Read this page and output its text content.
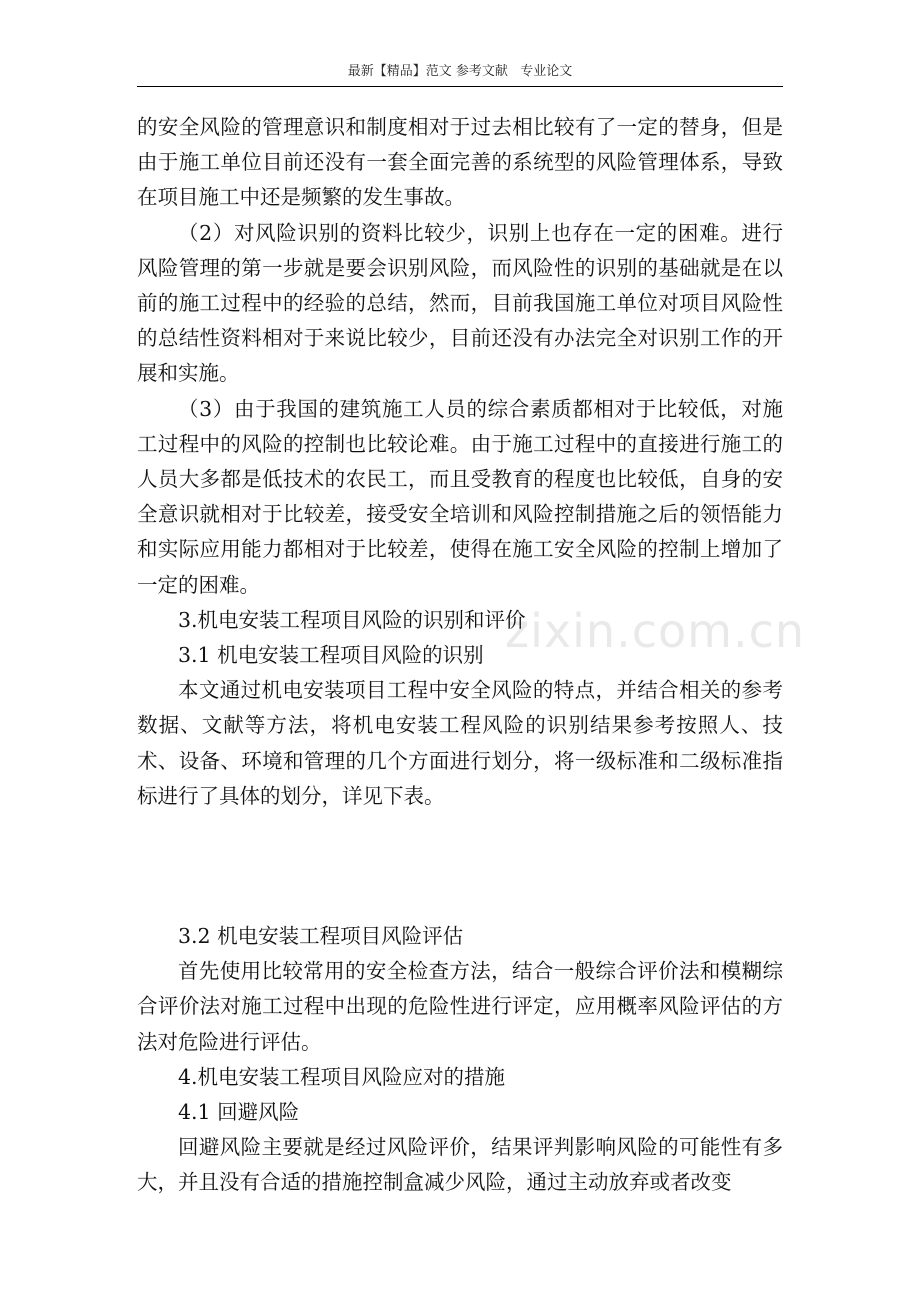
最新【精品】范文 参考文献   专业论文
zixin.com.cn

的安全风险的管理意识和制度相对于过去相比较有了一定的替身，但是由于施工单位目前还没有一套全面完善的系统型的风险管理体系，导致在项目施工中还是频繁的发生事故。

（2）对风险识别的资料比较少，识别上也存在一定的困难。进行风险管理的第一步就是要会识别风险，而风险性的识别的基础就是在以前的施工过程中的经验的总结，然而，目前我国施工单位对项目风险性的总结性资料相对于来说比较少，目前还没有办法完全对识别工作的开展和实施。

（3）由于我国的建筑施工人员的综合素质都相对于比较低，对施工过程中的风险的控制也比较论难。由于施工过程中的直接进行施工的人员大多都是低技术的农民工，而且受教育的程度也比较低，自身的安全意识就相对于比较差，接受安全培训和风险控制措施之后的领悟能力和实际应用能力都相对于比较差，使得在施工安全风险的控制上增加了一定的困难。

3.机电安装工程项目风险的识别和评价

3.1 机电安装工程项目风险的识别

本文通过机电安装项目工程中安全风险的特点，并结合相关的参考数据、文献等方法，将机电安装工程风险的识别结果参考按照人、技术、设备、环境和管理的几个方面进行划分，将一级标准和二级标准指标进行了具体的划分，详见下表。

3.2 机电安装工程项目风险评估

首先使用比较常用的安全检查方法，结合一般综合评价法和模糊综合评价法对施工过程中出现的危险性进行评定，应用概率风险评估的方法对危险进行评估。

4.机电安装工程项目风险应对的措施

4.1 回避风险

回避风险主要就是经过风险评价，结果评判影响风险的可能性有多大，并且没有合适的措施控制盒减少风险，通过主动放弃或者改变
